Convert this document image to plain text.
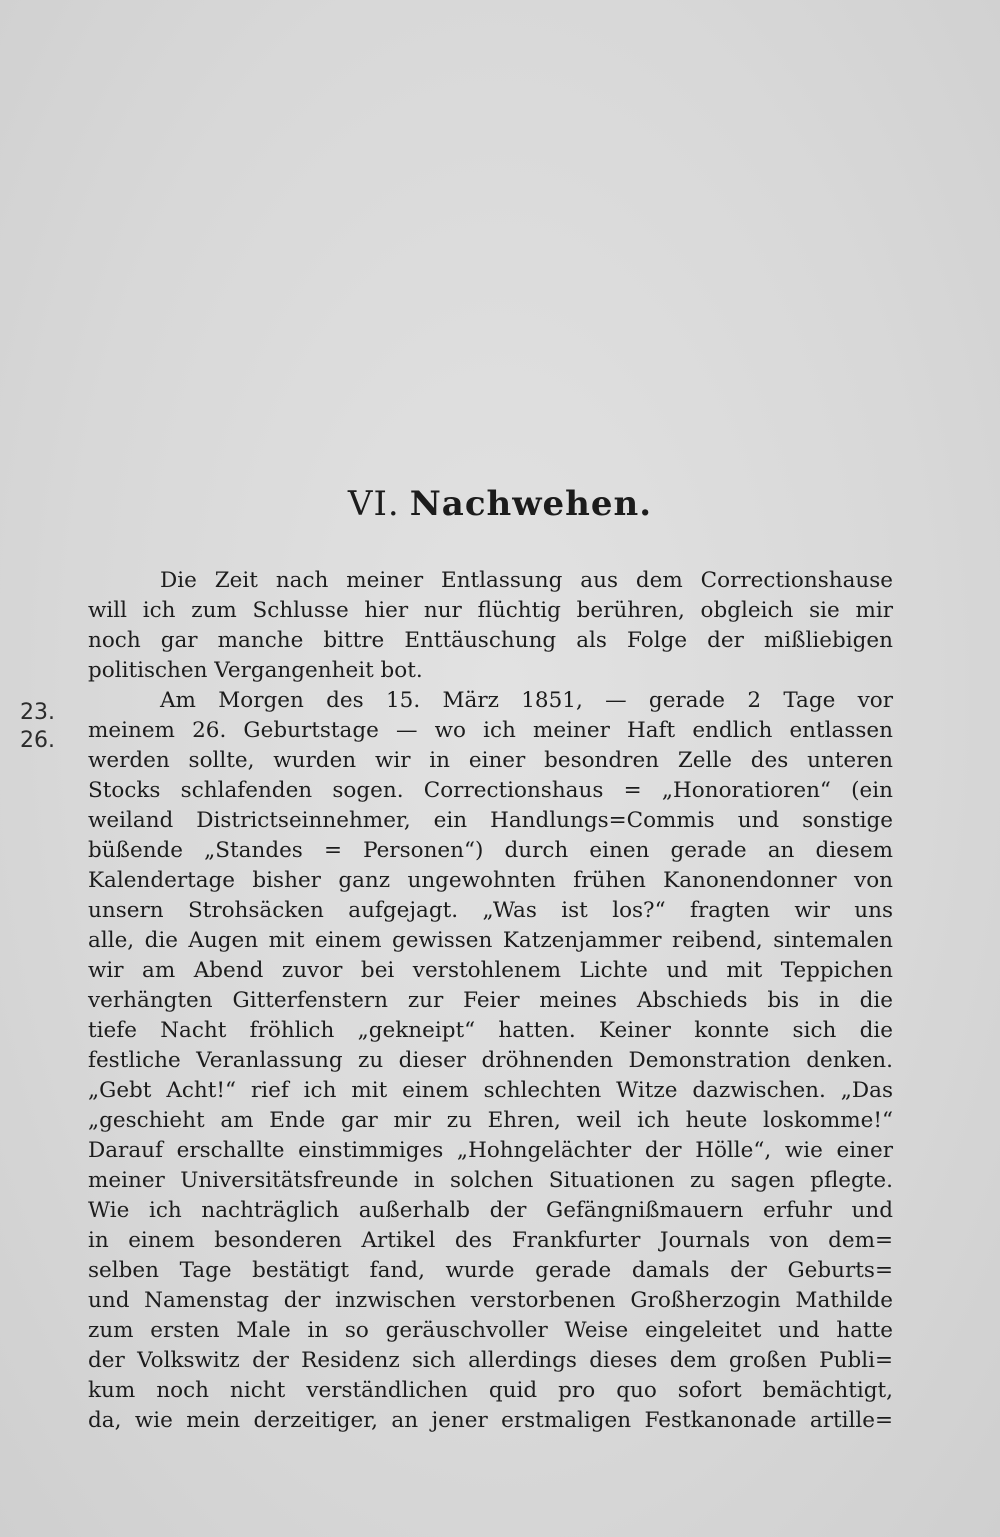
VI. Nachwehen.
23.
26.
Die Zeit nach meiner Entlassung aus dem Correctionshause
will ich zum Schlusse hier nur flüchtig berühren, obgleich sie mir
noch gar manche bittre Enttäuschung als Folge der mißliebigen
politischen Vergangenheit bot.
Am Morgen des 15. März 1851, — gerade 2 Tage vor
meinem 26. Geburtstage — wo ich meiner Haft endlich entlassen
werden sollte, wurden wir in einer besondren Zelle des unteren
Stocks schlafenden sogen. Correctionshaus = „Honoratioren“ (ein
weiland Districtseinnehmer, ein Handlungs=Commis und sonstige
büßende „Standes = Personen“) durch einen gerade an diesem
Kalendertage bisher ganz ungewohnten frühen Kanonendonner von
unsern Strohsäcken aufgejagt. „Was ist los?“ fragten wir uns
alle, die Augen mit einem gewissen Katzenjammer reibend, sintemalen
wir am Abend zuvor bei verstohlenem Lichte und mit Teppichen
verhängten Gitterfenstern zur Feier meines Abschieds bis in die
tiefe Nacht fröhlich „gekneipt“ hatten. Keiner konnte sich die
festliche Veranlassung zu dieser dröhnenden Demonstration denken.
„Gebt Acht!“ rief ich mit einem schlechten Witze dazwischen. „Das
„geschieht am Ende gar mir zu Ehren, weil ich heute loskomme!“
Darauf erschallte einstimmiges „Hohngelächter der Hölle“, wie einer
meiner Universitätsfreunde in solchen Situationen zu sagen pflegte.
Wie ich nachträglich außerhalb der Gefängnißmauern erfuhr und
in einem besonderen Artikel des Frankfurter Journals von dem=
selben Tage bestätigt fand, wurde gerade damals der Geburts=
und Namenstag der inzwischen verstorbenen Großherzogin Mathilde
zum ersten Male in so geräuschvoller Weise eingeleitet und hatte
der Volkswitz der Residenz sich allerdings dieses dem großen Publi=
kum noch nicht verständlichen quid pro quo sofort bemächtigt,
da, wie mein derzeitiger, an jener erstmaligen Festkanonade artille=
